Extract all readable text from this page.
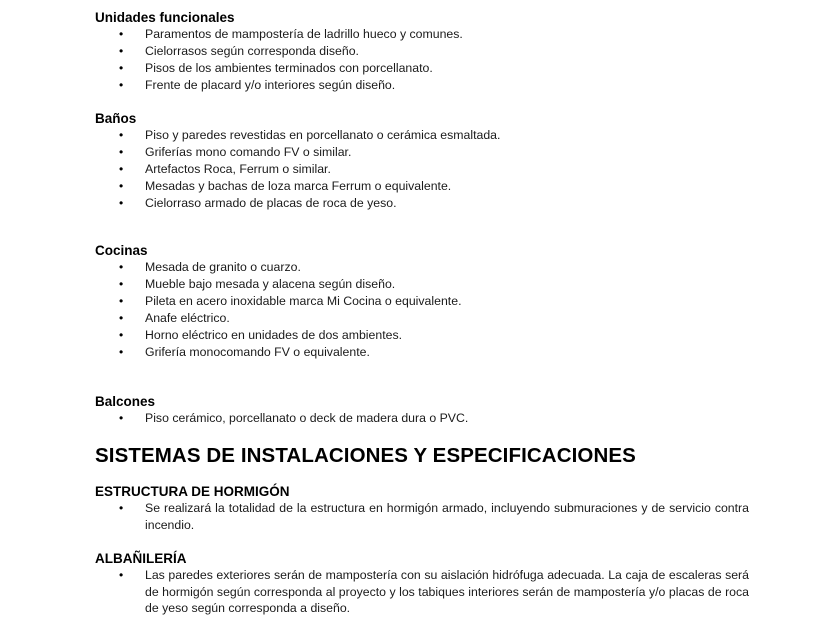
Unidades funcionales
• Paramentos de mampostería de ladrillo hueco y comunes.
• Cielorrasos según corresponda diseño.
• Pisos de los ambientes terminados con porcellanato.
• Frente de placard y/o interiores según diseño.
Baños
• Piso y paredes revestidas en porcellanato o cerámica esmaltada.
• Griferías mono comando FV o similar.
• Artefactos Roca, Ferrum o similar.
• Mesadas y bachas de loza marca Ferrum o equivalente.
• Cielorraso armado de placas de roca de yeso.
Cocinas
• Mesada de granito o cuarzo.
• Mueble bajo mesada y alacena según diseño.
• Pileta en acero inoxidable marca Mi Cocina o equivalente.
• Anafe eléctrico.
• Horno eléctrico en unidades de dos ambientes.
• Grifería monocomando FV o equivalente.
Balcones
• Piso cerámico, porcellanato o deck de madera dura o PVC.
SISTEMAS DE INSTALACIONES Y ESPECIFICACIONES
ESTRUCTURA DE HORMIGÓN
• Se realizará la totalidad de la estructura en hormigón armado, incluyendo submuraciones y de servicio contra incendio.
ALBAÑILERÍA
• Las paredes exteriores serán de mampostería con su aislación hidrófuga adecuada. La caja de escaleras será de hormigón según corresponda al proyecto y los tabiques interiores serán de mampostería y/o placas de roca de yeso según corresponda a diseño.
